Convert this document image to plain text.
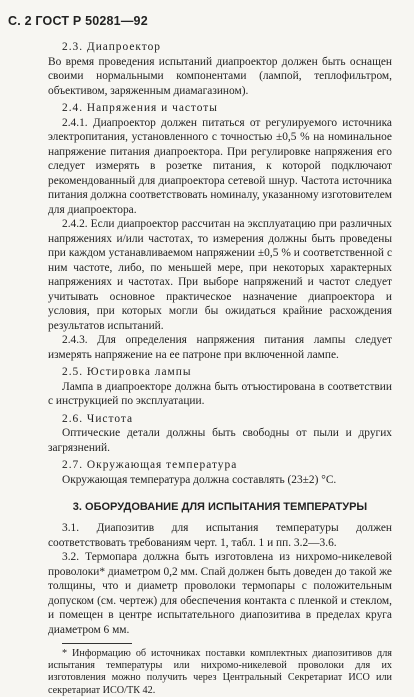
С. 2 ГОСТ Р 50281—92
2.3. Диапроектор

Во время проведения испытаний диапроектор должен быть оснащен своими нормальными компонентами (лампой, теплофильтром, объективом, заряженным диамагазином).

2.4. Напряжения и частоты

2.4.1. Диапроектор должен питаться от регулируемого источника электропитания, установленного с точностью ±0,5 % на номинальное напряжение питания диапроектора. При регулировке напряжения его следует измерять в розетке питания, к которой подключают рекомендованный для диапроектора сетевой шнур. Частота источника питания должна соответствовать номиналу, указанному изготовителем для диапроектора.

2.4.2. Если диапроектор рассчитан на эксплуатацию при различных напряжениях и/или частотах, то измерения должны быть проведены при каждом устанавливаемом напряжении ±0,5 % и соответственной с ним частоте, либо, по меньшей мере, при некоторых характерных напряжениях и частотах. При выборе напряжений и частот следует учитывать основное практическое назначение диапроектора и условия, при которых могли бы ожидаться крайние расхождения результатов испытаний.

2.4.3. Для определения напряжения питания лампы следует измерять напряжение на ее патроне при включенной лампе.

2.5. Юстировка лампы

Лампа в диапроекторе должна быть отъюстирована в соответствии с инструкцией по эксплуатации.

2.6. Чистота

Оптические детали должны быть свободны от пыли и других загрязнений.

2.7. Окружающая температура

Окружающая температура должна составлять (23±2) °С.

3. ОБОРУДОВАНИЕ ДЛЯ ИСПЫТАНИЯ ТЕМПЕРАТУРЫ

3.1. Диапозитив для испытания температуры должен соответствовать требованиям черт. 1, табл. 1 и пп. 3.2—3.6.

3.2. Термопара должна быть изготовлена из нихромо-никелевой проволоки* диаметром 0,2 мм. Спай должен быть доведен до такой же толщины, что и диаметр проволоки термопары с положительным допуском (см. чертеж) для обеспечения контакта с пленкой и стеклом, и помещен в центре испытательного диапозитива в пределах круга диаметром 6 мм.

* Информацию об источниках поставки комплектных диапозитивов для испытания температуры или нихромо-никелевой проволоки для их изготовления можно получить через Центральный Секретариат ИСО или секретариат ИСО/ТК 42.
